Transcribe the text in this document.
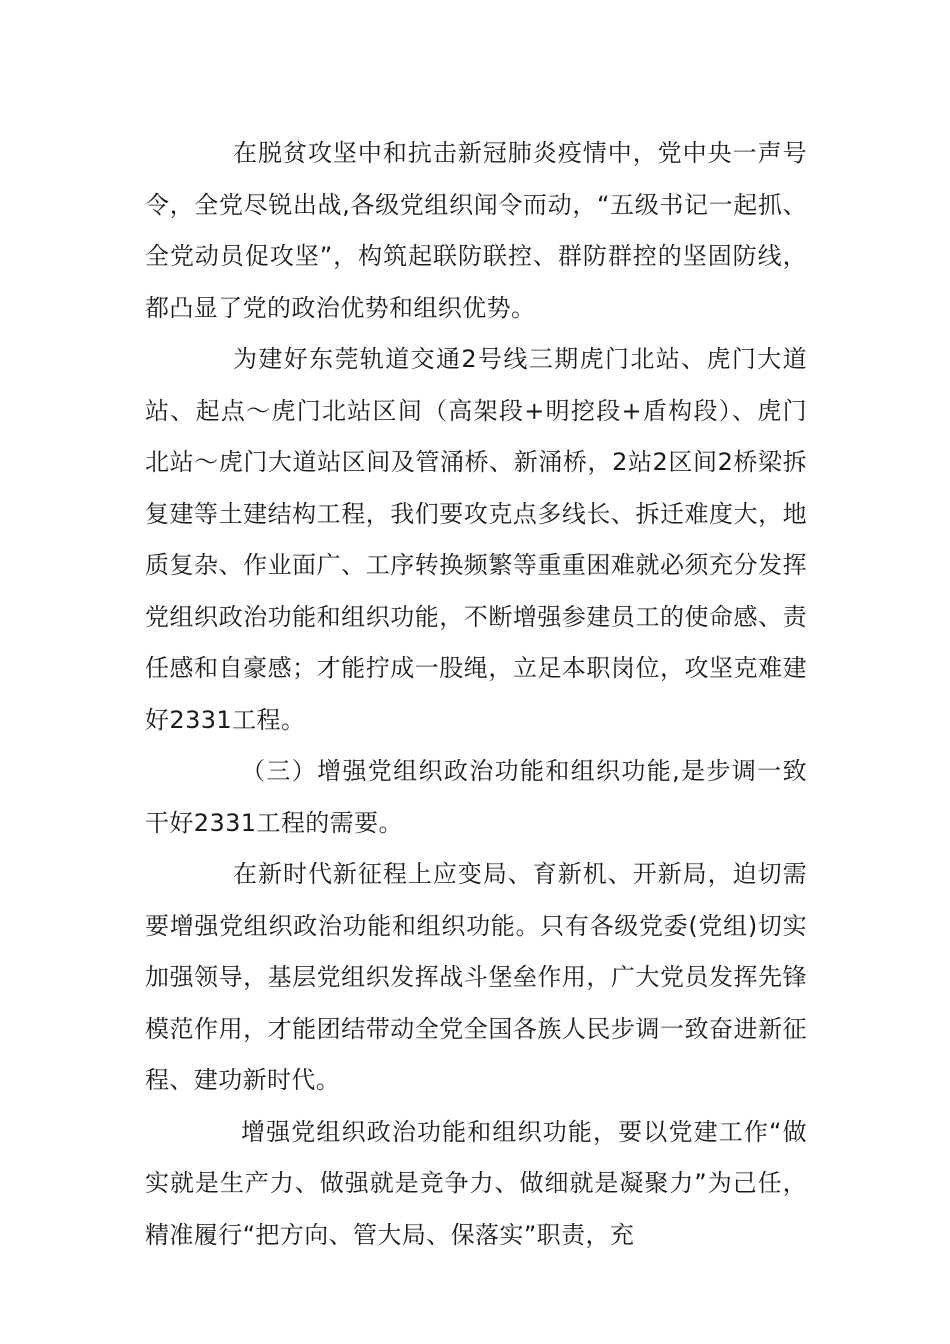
在脱贫攻坚中和抗击新冠肺炎疫情中，党中央一声号令，全党尽锐出战,各级党组织闻令而动，“五级书记一起抓、全党动员促攻坚”，构筑起联防联控、群防群控的坚固防线，都凸显了党的政治优势和组织优势。

为建好东莞轨道交通2号线三期虎门北站、虎门大道站、起点～虎门北站区间（高架段+明挖段+盾构段）、虎门北站～虎门大道站区间及管涌桥、新涌桥，2站2区间2桥梁拆复建等土建结构工程，我们要攻克点多线长、拆迁难度大，地质复杂、作业面广、工序转换频繁等重重困难就必须充分发挥党组织政治功能和组织功能，不断增强参建员工的使命感、责任感和自豪感；才能拧成一股绳，立足本职岗位，攻坚克难建好2331工程。

（三）增强党组织政治功能和组织功能,是步调一致干好2331工程的需要。

在新时代新征程上应变局、育新机、开新局，迫切需要增强党组织政治功能和组织功能。只有各级党委(党组)切实加强领导，基层党组织发挥战斗堡垒作用，广大党员发挥先锋模范作用，才能团结带动全党全国各族人民步调一致奋进新征程、建功新时代。

增强党组织政治功能和组织功能，要以党建工作“做实就是生产力、做强就是竞争力、做细就是凝聚力”为己任，精准履行“把方向、管大局、保落实”职责，充
